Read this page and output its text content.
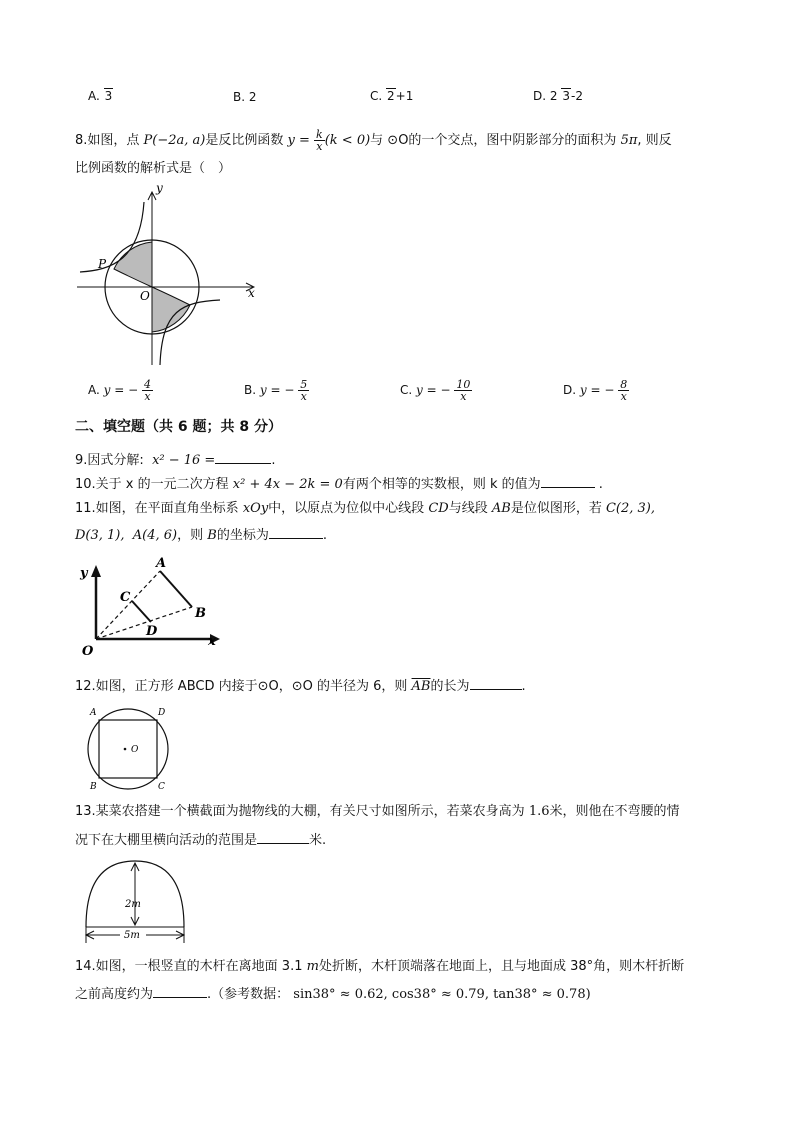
A. 3	B. 2	C. 2+1	D. 2 3-2
8.如图，点 P(−2a, a)是反比例函数 $y = \frac{k}{x} (k < 0)$与 ⊙O的一个交点，图中阴影部分的面积为 5π, 则反
比例函数的解析式是（　）
y
x
O
P
A. y = − $\frac{4}{x}$	B. y = − $\frac{5}{x}$	C. y = − $\frac{10}{x}$	D. y = − $\frac{8}{x}$
二、填空题（共 6 题；共 8 分）
9.因式分解: x² − 16 =	.
10.关于 x 的一元二次方程 x² + 4x − 2k = 0有两个相等的实数根，则 k 的值为	.
11.如图，在平面直角坐标系 xOy中，以原点为位似中心线段 CD与线段 AB是位似图形，若 C(2, 3),
D(3, 1), A(4, 6)，则 B的坐标为	.
y
x
O
A
B
C
D
12.如图，正方形 ABCD 内接于⊙O，⊙O 的半径为 6，则 $\overline{AB}$的长为	.
A	D
B	C
O
13.某菜农搭建一个横截面为抛物线的大棚，有关尺寸如图所示，若菜农身高为 1.6米，则他在不弯腰的情
况下在大棚里横向活动的范围是	米.
2m
5m
14.如图，一根竖直的木杆在离地面 3.1 m处折断，木杆顶端落在地面上，且与地面成 38°角，则木杆折断
之前高度约为	.（参考数据： sin38° ≈ 0.62, cos38° ≈ 0.79, tan38° ≈ 0.78)
